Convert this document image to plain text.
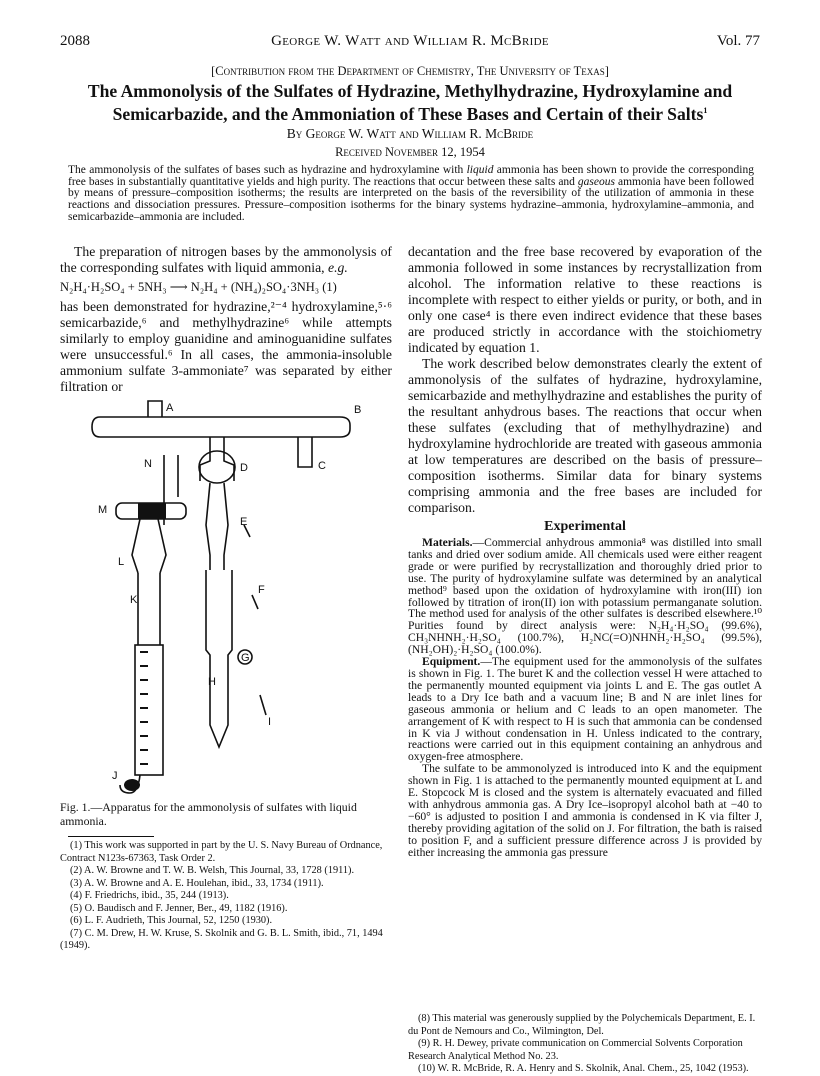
2088	George W. Watt and William R. McBride	Vol. 77
[Contribution from the Department of Chemistry, The University of Texas]
The Ammonolysis of the Sulfates of Hydrazine, Methylhydrazine, Hydroxylamine and Semicarbazide, and the Ammoniation of These Bases and Certain of their Salts$^1$
By George W. Watt and William R. McBride
Received November 12, 1954
The ammonolysis of the sulfates of bases such as hydrazine and hydroxylamine with liquid ammonia has been shown to provide the corresponding free bases in substantially quantitative yields and high purity. The reactions that occur between these salts and gaseous ammonia have been followed by means of pressure–composition isotherms; the results are interpreted on the basis of the reversibility of the utilization of ammonia in these reactions and dissociation pressures. Pressure–composition isotherms for the binary systems hydrazine–ammonia, hydroxylamine–ammonia, and semicarbazide–ammonia are included.

The preparation of nitrogen bases by the ammonolysis of the corresponding sulfates with liquid ammonia, e.g.

N₂H₄·H₂SO₄ + 5NH₃ ⟶ N₂H₄ + (NH₄)₂SO₄·3NH₃ (1)

has been demonstrated for hydrazine,²⁻⁴ hydroxylamine,⁵·⁶ semicarbazide,⁶ and methylhydrazine⁶ while attempts similarly to employ guanidine and aminoguanidine sulfates were unsuccessful.⁶ In all cases, the ammonia-insoluble ammonium sulfate 3-ammoniate⁷ was separated by either filtration or

A	B
C
D
E
F
G
H
I
J
K
L
M
N
Fig. 1.—Apparatus for the ammonolysis of sulfates with liquid ammonia.

(1) This work was supported in part by the U. S. Navy Bureau of Ordnance, Contract N123s-67363, Task Order 2.

(2) A. W. Browne and T. W. B. Welsh, This Journal, 33, 1728 (1911).

(3) A. W. Browne and A. E. Houlehan, ibid., 33, 1734 (1911).

(4) F. Friedrichs, ibid., 35, 244 (1913).

(5) O. Baudisch and F. Jenner, Ber., 49, 1182 (1916).

(6) L. F. Audrieth, This Journal, 52, 1250 (1930).

(7) C. M. Drew, H. W. Kruse, S. Skolnik and G. B. L. Smith, ibid., 71, 1494 (1949).

decantation and the free base recovered by evaporation of the ammonia followed in some instances by recrystallization from alcohol. The information relative to these reactions is incomplete with respect to either yields or purity, or both, and in only one case⁴ is there even indirect evidence that these bases are produced strictly in accordance with the stoichiometry indicated by equation 1.

The work described below demonstrates clearly the extent of ammonolysis of the sulfates of hydrazine, hydroxylamine, semicarbazide and methylhydrazine and establishes the purity of the resultant anhydrous bases. The reactions that occur when these sulfates (excluding that of methylhydrazine) and hydroxylamine hydrochloride are treated with gaseous ammonia at low temperatures are described on the basis of pressure–composition isotherms. Similar data for binary systems comprising ammonia and the free bases are included for comparison.

Experimental

Materials.—Commercial anhydrous ammonia⁸ was distilled into small tanks and dried over sodium amide. All chemicals used were either reagent grade or were purified by recrystallization and thoroughly dried prior to use. The purity of hydroxylamine sulfate was determined by an analytical method⁹ based upon the oxidation of hydroxylamine with iron(III) ion followed by titration of iron(II) ion with potassium permanganate solution. The method used for analysis of the other sulfates is described elsewhere.¹⁰ Purities found by direct analysis were: N₂H₄·H₂SO₄ (99.6%), CH₃NHNH₂·H₂SO₄ (100.7%), H₂NC(=O)NHNH₂·H₂SO₄ (99.5%), (NH₂OH)₂·H₂SO₄ (100.0%).

Equipment.—The equipment used for the ammonolysis of the sulfates is shown in Fig. 1. The buret K and the collection vessel H were attached to the permanently mounted equipment via joints L and E. The gas outlet A leads to a Dry Ice bath and a vacuum line; B and N are inlet lines for gaseous ammonia or helium and C leads to an open manometer. The arrangement of K with respect to H is such that ammonia can be condensed in K via J without condensation in H. Unless indicated to the contrary, reactions were carried out in this equipment containing an anhydrous and oxygen-free atmosphere.

The sulfate to be ammonolyzed is introduced into K and the equipment shown in Fig. 1 is attached to the permanently mounted equipment at L and E. Stopcock M is closed and the system is alternately evacuated and filled with anhydrous ammonia gas. A Dry Ice–isopropyl alcohol bath at −40 to −60° is adjusted to position I and ammonia is condensed in K via filter J, thereby providing agitation of the solid on J. For filtration, the bath is raised to position F, and a sufficient pressure difference across J is provided by either increasing the ammonia gas pressure

(8) This material was generously supplied by the Polychemicals Department, E. I. du Pont de Nemours and Co., Wilmington, Del.

(9) R. H. Dewey, private communication on Commercial Solvents Corporation Research Analytical Method No. 23.

(10) W. R. McBride, R. A. Henry and S. Skolnik, Anal. Chem., 25, 1042 (1953).
